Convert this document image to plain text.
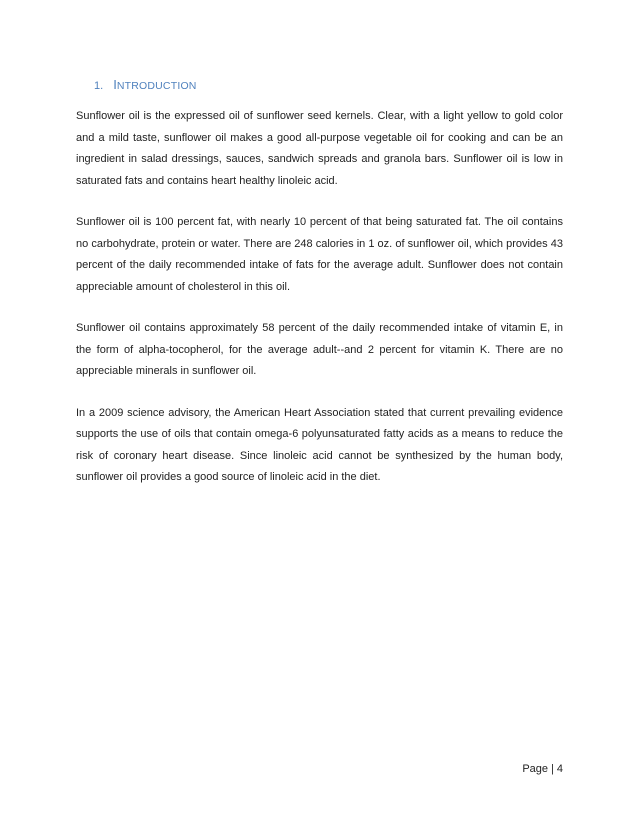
1. INTRODUCTION

Sunflower oil is the expressed oil of sunflower seed kernels. Clear, with a light yellow to gold color and a mild taste, sunflower oil makes a good all-purpose vegetable oil for cooking and can be an ingredient in salad dressings, sauces, sandwich spreads and granola bars. Sunflower oil is low in saturated fats and contains heart healthy linoleic acid.

Sunflower oil is 100 percent fat, with nearly 10 percent of that being saturated fat. The oil contains no carbohydrate, protein or water. There are 248 calories in 1 oz. of sunflower oil, which provides 43 percent of the daily recommended intake of fats for the average adult. Sunflower does not contain appreciable amount of cholesterol in this oil.

Sunflower oil contains approximately 58 percent of the daily recommended intake of vitamin E, in the form of alpha-tocopherol, for the average adult--and 2 percent for vitamin K. There are no appreciable minerals in sunflower oil.

In a 2009 science advisory, the American Heart Association stated that current prevailing evidence supports the use of oils that contain omega-6 polyunsaturated fatty acids as a means to reduce the risk of coronary heart disease. Since linoleic acid cannot be synthesized by the human body, sunflower oil provides a good source of linoleic acid in the diet.

Page | 4
